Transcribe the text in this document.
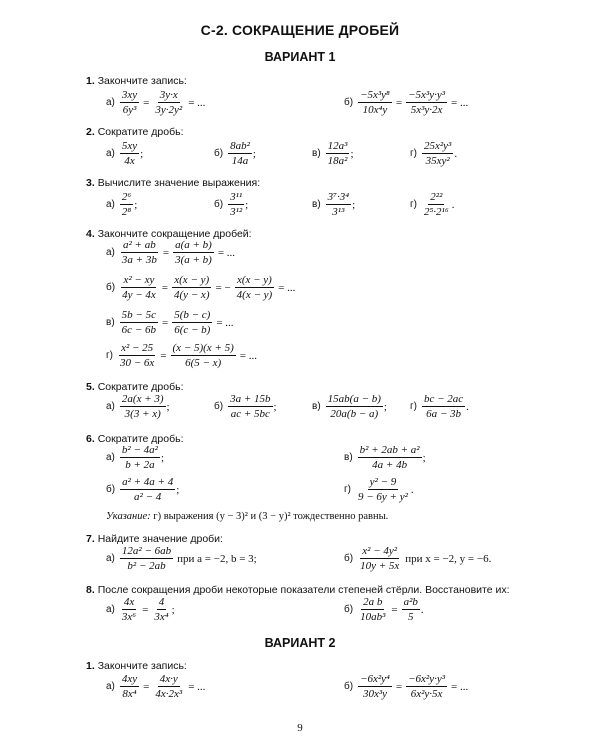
С-2. СОКРАЩЕНИЕ ДРОБЕЙ
ВАРИАНТ 1
1. Закончите запись:
$а) \frac{3xy}{\text{6y³}} = \frac{3y\cdot x}{\text{3y·2y²}}$ = ...	$б) \frac{\text{−5x³y⁸}}{\text{10x⁴y}} = \frac{\text{−5x³y·y³}}{\text{5x³y·2x}}$ = ...
2. Сократите дробь:
$а) \frac{5xy}{4x}$ ;	$б) \frac{\text{8ab²}}{14a}$ ;	$в) \frac{\text{12a³}}{\text{18a²}}$ ;	$г) \frac{\text{25x²y³}}{\text{35xy²}}$ .
3. Вычислите значение выражения:
$а) \frac{\text{2⁶}}{\text{2⁸}}$ ;	$б) \frac{\text{3¹¹}}{\text{3¹²}}$ ;	$в) \frac{\text{3⁷·3⁴}}{\text{3¹³}}$ ;	$г) \frac{\text{2²²}}{\text{2⁵·2¹⁶}}$ .
4. Закончите сокращение дробей:
$а) \frac{\text{a² + ab}}{3a + 3b} = \frac{a(a + b)}{3(a + b)}$ = ...
$б) \frac{\text{x² − xy}}{4y - 4x} = \frac{x(x - y)}{4(y - x)}$ = − $\frac{x(x - y)}{4(x - y)}$ = ...
$в) \frac{5b - 5c}{6c - 6b} = \frac{5(b - c)}{6(c - b)}$ = ...
$г) \frac{\text{x² − 25}}{30 - 6x} = \frac{(x - 5)(x + 5)}{6(5 - x)}$ = ...
5. Сократите дробь:
$а) \frac{2a(x + 3)}{3(3 + x)}$ ;	$б) \frac{3a + 15b}{ac + 5bc}$ ;	$в) \frac{15ab(a - b)}{20a(b - a)}$ ; $г) \frac{bc - 2ac}{6a - 3b}$ .
6. Сократите дробь:
$а) \frac{\text{b² − 4a²}}{b + 2a}$ ;	$в) \frac{\text{b² + 2ab + a²}}{4a + 4b}$ ;
$б) \frac{\text{a² + 4a + 4}}{\text{a² − 4}}$ ;	$г) \frac{\text{y² − 9}}{\text{9 − 6y + y²}}$ .
Указание: г) выражения (y − 3)² и (3 − y)² тождественно равны.
7. Найдите значение дроби:
$а) \frac{\text{12a² − 6ab}}{\text{b² − 2ab}}$ при a = −2, b = 3;	$б) \frac{\text{x² − 4y²}}{10y + 5x}$ при x = −2, y = −6.
8. После сокращения дроби некоторые показатели степеней стёрли. Восстановите их:
$а) \frac{4x}{\text{3x⁶}} = \frac{4}{\text{3x⁴}}$ ;	$б) \frac{\text{2a b}}{\text{10ab³}} = \frac{\text{a²b}}{5}$ .
ВАРИАНТ 2
1. Закончите запись:
$а) \frac{4xy}{\text{8x⁴}} = \frac{4x\cdot y}{\text{4x·2x³}}$ = ...	$б) \frac{\text{−6x²y⁴}}{\text{30x³y}} = \frac{\text{−6x²y·y³}}{\text{6x²y·5x}}$ = ...
9
